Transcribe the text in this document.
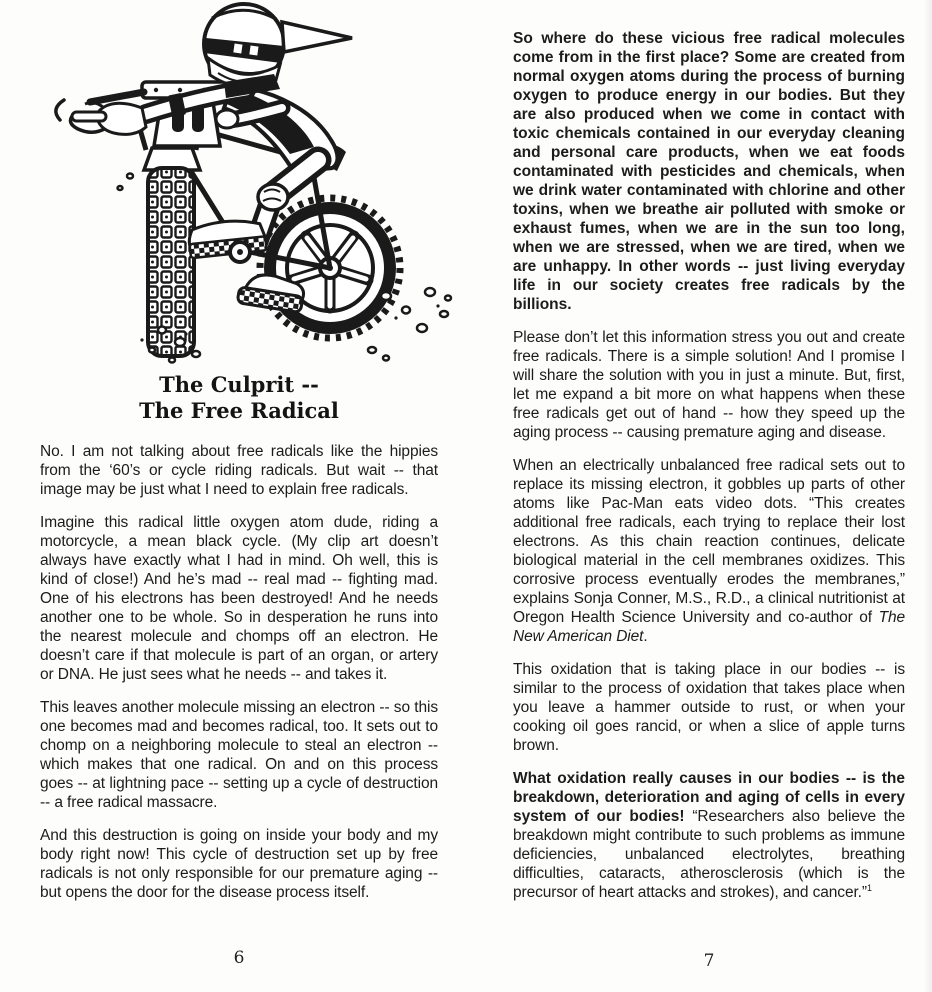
The Culprit --
The Free Radical

No. I am not talking about free radicals like the hippies from the ‘60’s or cycle riding radicals. But wait -- that image may be just what I need to explain free radicals.

Imagine this radical little oxygen atom dude, riding a motorcycle, a mean black cycle. (My clip art doesn’t always have exactly what I had in mind. Oh well, this is kind of close!) And he’s mad -- real mad -- fighting mad. One of his electrons has been destroyed! And he needs another one to be whole. So in desperation he runs into the nearest molecule and chomps off an electron. He doesn’t care if that molecule is part of an organ, or artery or DNA. He just sees what he needs -- and takes it.

This leaves another molecule missing an electron -- so this one becomes mad and becomes radical, too. It sets out to chomp on a neighboring molecule to steal an electron -- which makes that one radical. On and on this process goes -- at lightning pace -- setting up a cycle of destruction -- a free radical massacre.

And this destruction is going on inside your body and my body right now! This cycle of destruction set up by free radicals is not only responsible for our premature aging -- but opens the door for the disease process itself.

So where do these vicious free radical molecules come from in the first place? Some are created from normal oxygen atoms during the process of burning oxygen to produce energy in our bodies. But they are also produced when we come in contact with toxic chemicals contained in our everyday cleaning and personal care products, when we eat foods contaminated with pesticides and chemicals, when we drink water contaminated with chlorine and other toxins, when we breathe air polluted with smoke or exhaust fumes, when we are in the sun too long, when we are stressed, when we are tired, when we are unhappy. In other words -- just living everyday life in our society creates free radicals by the billions.

Please don’t let this information stress you out and create free radicals. There is a simple solution! And I promise I will share the solution with you in just a minute. But, first, let me expand a bit more on what happens when these free radicals get out of hand -- how they speed up the aging process -- causing premature aging and disease.

When an electrically unbalanced free radical sets out to replace its missing electron, it gobbles up parts of other atoms like Pac-Man eats video dots. “This creates additional free radicals, each trying to replace their lost electrons. As this chain reaction continues, delicate biological material in the cell membranes oxidizes. This corrosive process eventually erodes the membranes,” explains Sonja Conner, M.S., R.D., a clinical nutritionist at Oregon Health Science University and co-author of The New American Diet.

This oxidation that is taking place in our bodies -- is similar to the process of oxidation that takes place when you leave a hammer outside to rust, or when your cooking oil goes rancid, or when a slice of apple turns brown.

What oxidation really causes in our bodies -- is the breakdown, deterioration and aging of cells in every system of our bodies! “Researchers also believe the breakdown might contribute to such problems as immune deficiencies, unbalanced electrolytes, breathing difficulties, cataracts, atherosclerosis (which is the precursor of heart attacks and strokes), and cancer.”$^1$

6	7
